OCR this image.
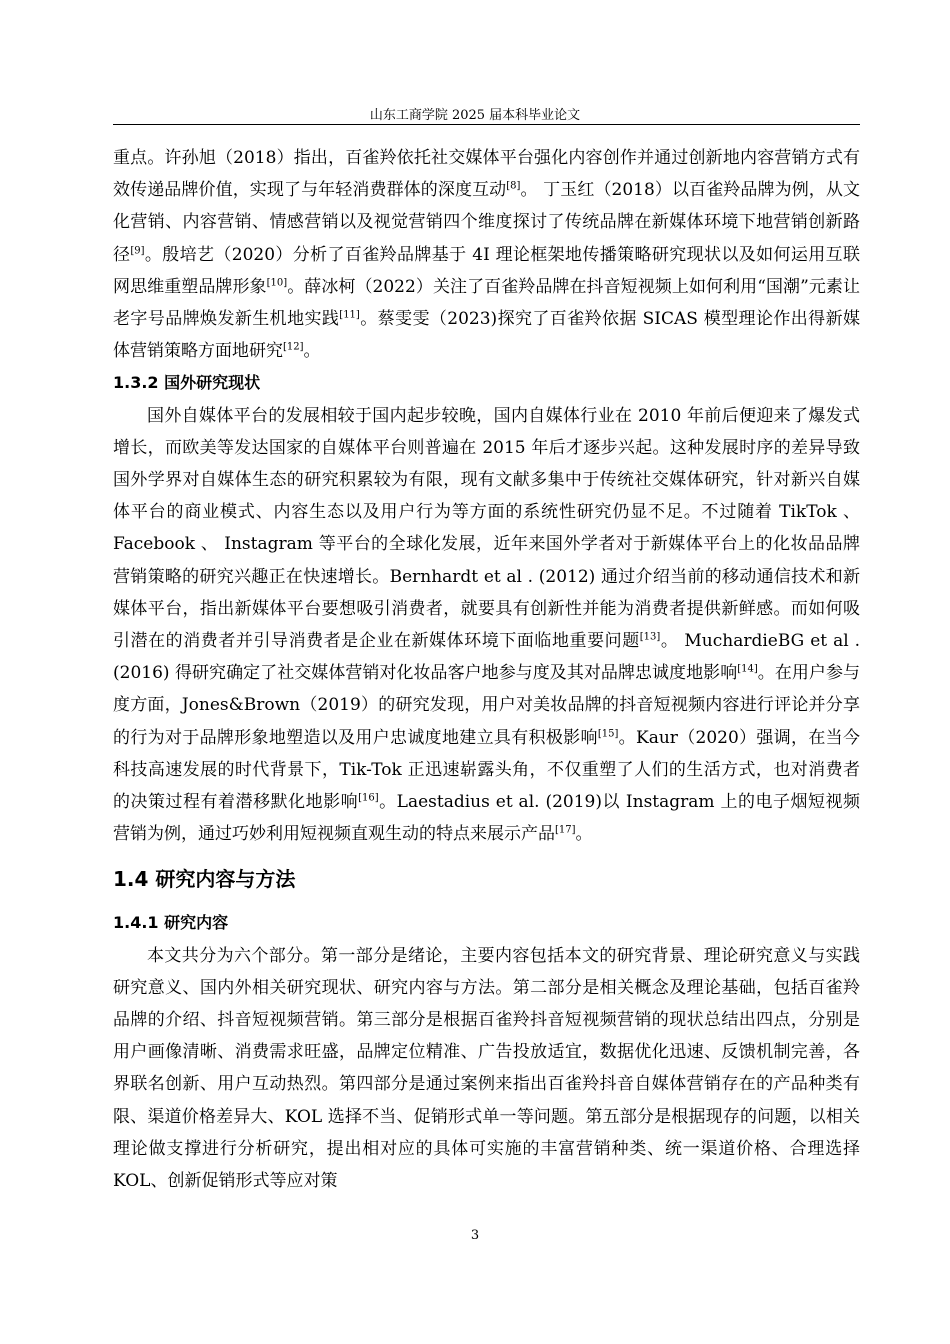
山东工商学院 2025 届本科毕业论文

重点。许孙旭（2018）指出，百雀羚依托社交媒体平台强化内容创作并通过创新地内容营销方式有效传递品牌价值，实现了与年轻消费群体的深度互动[8]。 丁玉红（2018）以百雀羚品牌为例，从文化营销、内容营销、情感营销以及视觉营销四个维度探讨了传统品牌在新媒体环境下地营销创新路径[9]。殷培艺（2020）分析了百雀羚品牌基于 4I 理论框架地传播策略研究现状以及如何运用互联网思维重塑品牌形象[10]。薛冰柯（2022）关注了百雀羚品牌在抖音短视频上如何利用“国潮”元素让老字号品牌焕发新生机地实践[11]。蔡雯雯（2023)探究了百雀羚依据 SICAS 模型理论作出得新媒体营销策略方面地研究[12]。

1.3.2 国外研究现状

国外自媒体平台的发展相较于国内起步较晚，国内自媒体行业在 2010 年前后便迎来了爆发式增长，而欧美等发达国家的自媒体平台则普遍在 2015 年后才逐步兴起。这种发展时序的差异导致国外学界对自媒体生态的研究积累较为有限，现有文献多集中于传统社交媒体研究，针对新兴自媒体平台的商业模式、内容生态以及用户行为等方面的系统性研究仍显不足。不过随着 TikTok 、 Facebook 、 Instagram 等平台的全球化发展，近年来国外学者对于新媒体平台上的化妆品品牌营销策略的研究兴趣正在快速增长。Bernhardt et al . (2012) 通过介绍当前的移动通信技术和新媒体平台，指出新媒体平台要想吸引消费者，就要具有创新性并能为消费者提供新鲜感。而如何吸引潜在的消费者并引导消费者是企业在新媒体环境下面临地重要问题[13]。 MuchardieBG et al . (2016) 得研究确定了社交媒体营销对化妆品客户地参与度及其对品牌忠诚度地影响[14]。在用户参与度方面，Jones&Brown（2019）的研究发现，用户对美妆品牌的抖音短视频内容进行评论并分享的行为对于品牌形象地塑造以及用户忠诚度地建立具有积极影响[15]。Kaur（2020）强调，在当今科技高速发展的时代背景下，Tik-Tok 正迅速崭露头角，不仅重塑了人们的生活方式，也对消费者的决策过程有着潜移默化地影响[16]。Laestadius et al. (2019)以 Instagram 上的电子烟短视频营销为例，通过巧妙利用短视频直观生动的特点来展示产品[17]。

1.4 研究内容与方法
1.4.1 研究内容

本文共分为六个部分。第一部分是绪论，主要内容包括本文的研究背景、理论研究意义与实践研究意义、国内外相关研究现状、研究内容与方法。第二部分是相关概念及理论基础，包括百雀羚品牌的介绍、抖音短视频营销。第三部分是根据百雀羚抖音短视频营销的现状总结出四点，分别是用户画像清晰、消费需求旺盛，品牌定位精准、广告投放适宜，数据优化迅速、反馈机制完善，各界联名创新、用户互动热烈。第四部分是通过案例来指出百雀羚抖音自媒体营销存在的产品种类有限、渠道价格差异大、KOL 选择不当、促销形式单一等问题。第五部分是根据现存的问题，以相关理论做支撑进行分析研究，提出相对应的具体可实施的丰富营销种类、统一渠道价格、合理选择 KOL、创新促销形式等应对策

3
